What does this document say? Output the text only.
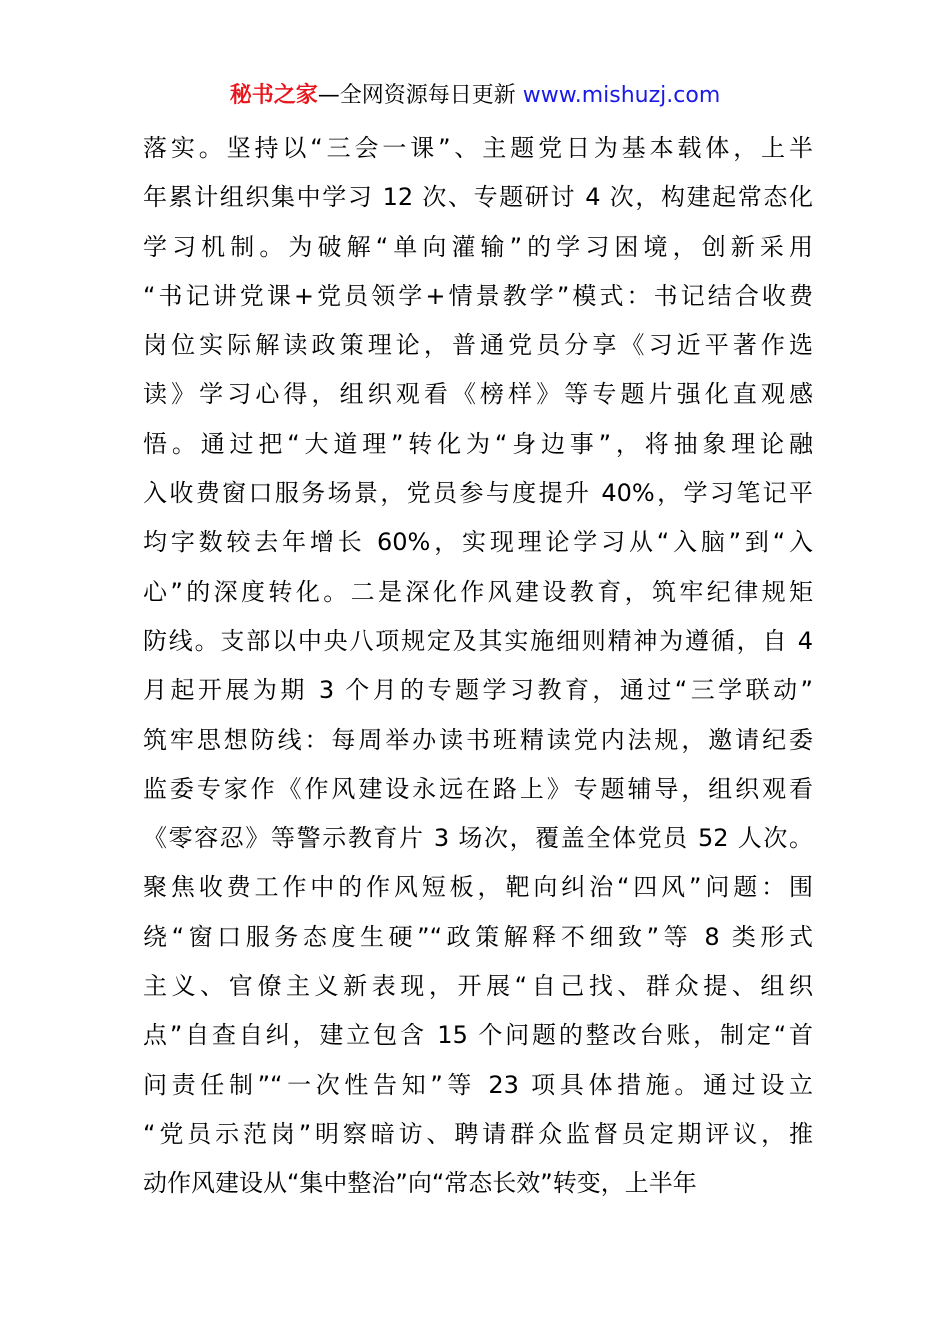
秘书之家—全网资源每日更新 www.mishuzj.com
落实。坚持以“三会一课”、主题党日为基本载体，上半
年累计组织集中学习 12 次、专题研讨 4 次，构建起常态化
学习机制。为破解“单向灌输”的学习困境，创新采用
“书记讲党课+党员领学+情景教学”模式：书记结合收费
岗位实际解读政策理论，普通党员分享《习近平著作选
读》学习心得，组织观看《榜样》等专题片强化直观感
悟。通过把“大道理”转化为“身边事”，将抽象理论融
入收费窗口服务场景，党员参与度提升 40%，学习笔记平
均字数较去年增长 60%，实现理论学习从“入脑”到“入
心”的深度转化。二是深化作风建设教育，筑牢纪律规矩
防线。支部以中央八项规定及其实施细则精神为遵循，自 4
月起开展为期 3 个月的专题学习教育，通过“三学联动”
筑牢思想防线：每周举办读书班精读党内法规，邀请纪委
监委专家作《作风建设永远在路上》专题辅导，组织观看
《零容忍》等警示教育片 3 场次，覆盖全体党员 52 人次。
聚焦收费工作中的作风短板，靶向纠治“四风”问题：围
绕“窗口服务态度生硬”“政策解释不细致”等 8 类形式
主义、官僚主义新表现，开展“自己找、群众提、组织
点”自查自纠，建立包含 15 个问题的整改台账，制定“首
问责任制”“一次性告知”等 23 项具体措施。通过设立
“党员示范岗”明察暗访、聘请群众监督员定期评议，推
动作风建设从“集中整治”向“常态长效”转变，上半年
